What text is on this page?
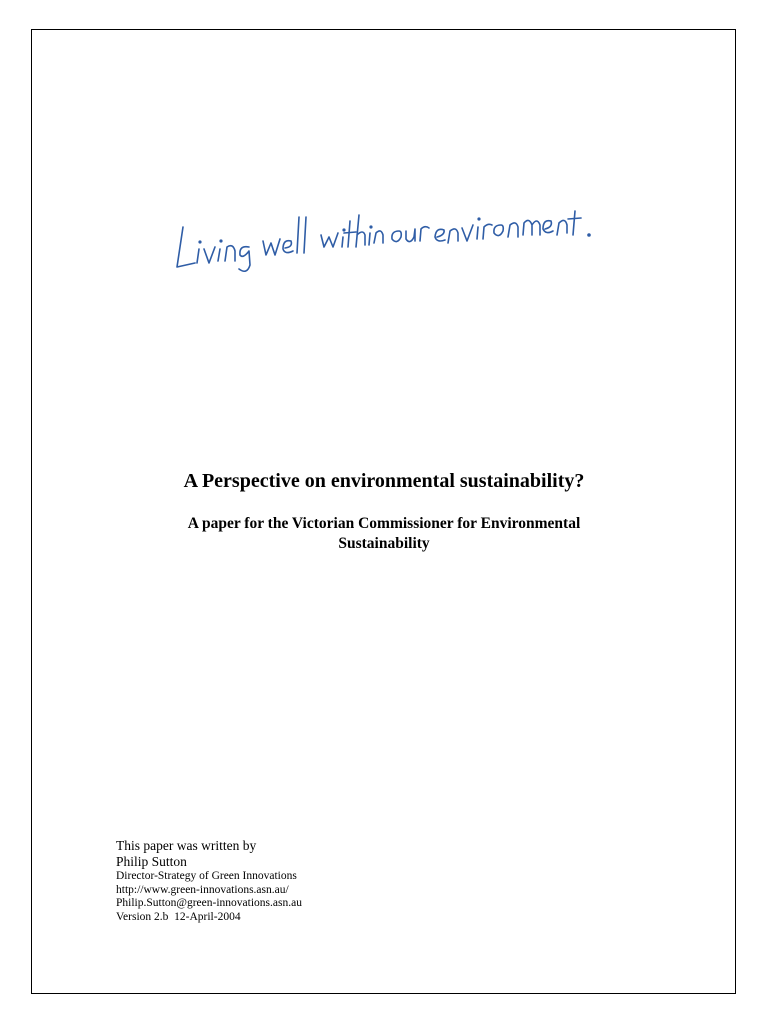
A Perspective on environmental sustainability?
A paper for the Victorian Commissioner for Environmental
Sustainability
This paper was written by
Philip Sutton
Director-Strategy of Green Innovations
http://www.green-innovations.asn.au/
Philip.Sutton@green-innovations.asn.au
Version 2.b  12-April-2004
